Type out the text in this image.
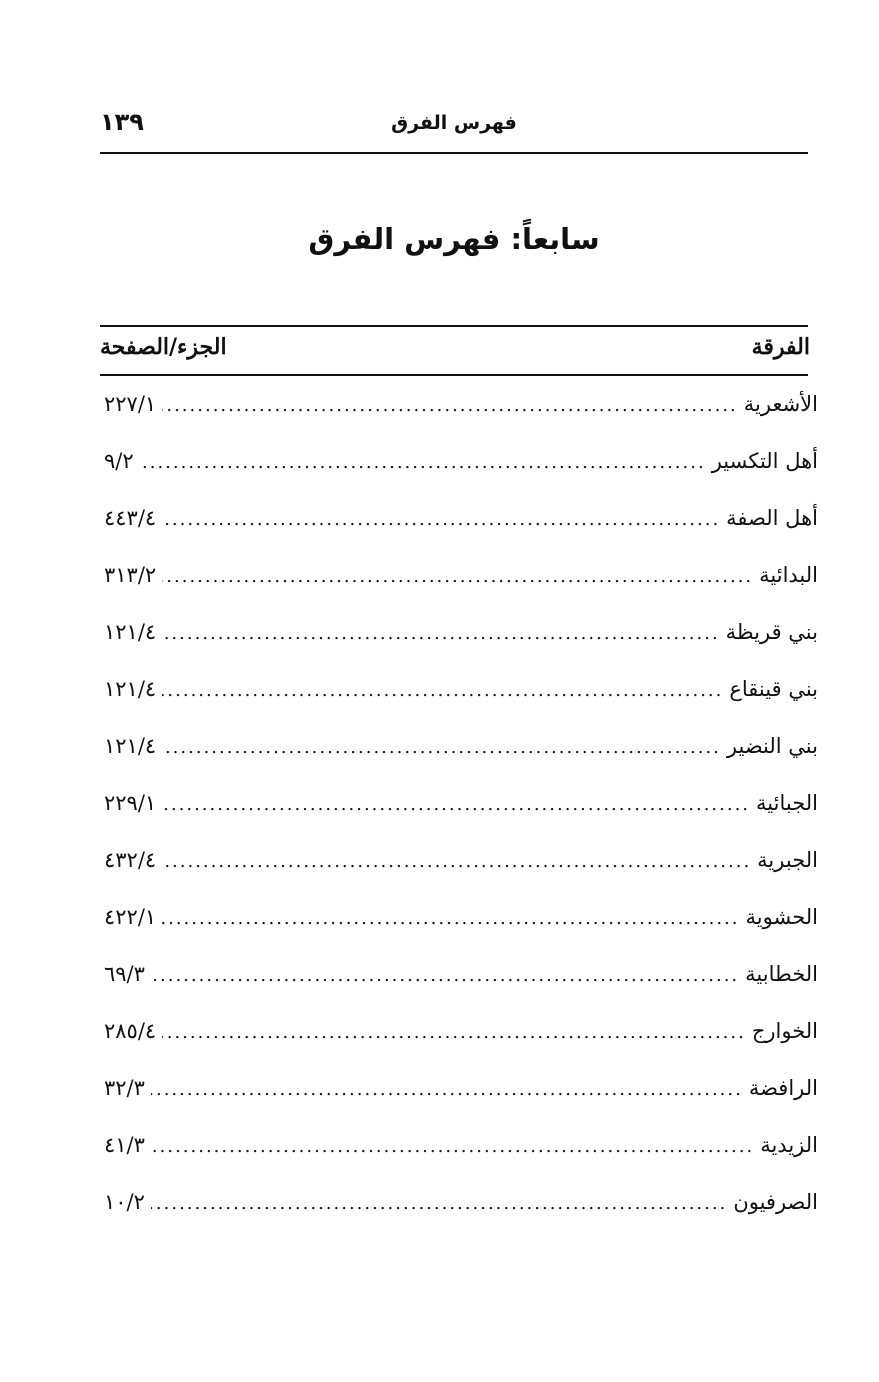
فهرس الفرق
١٣٩
سابعاً: فهرس الفرق
الفرقة
الجزء/الصفحة
الأشعرية
.....
٢٢٧/١
أهل التكسير
.....
٩/٢
أهل الصفة
.....
٤٤٣/٤
البدائية
.....
٣١٣/٢
بني قريظة
.....
١٢١/٤
بني قينقاع
.....
١٢١/٤
بني النضير
.....
١٢١/٤
الجبائية
.....
٢٢٩/١
الجبرية
.....
٤٣٢/٤
الحشوية
.....
٤٢٢/١
الخطابية
.....
٦٩/٣
الخوارج
.....
٢٨٥/٤
الرافضة
.....
٣٢/٣
الزيدية
.....
٤١/٣
الصرفيون
.....
١٠/٢
